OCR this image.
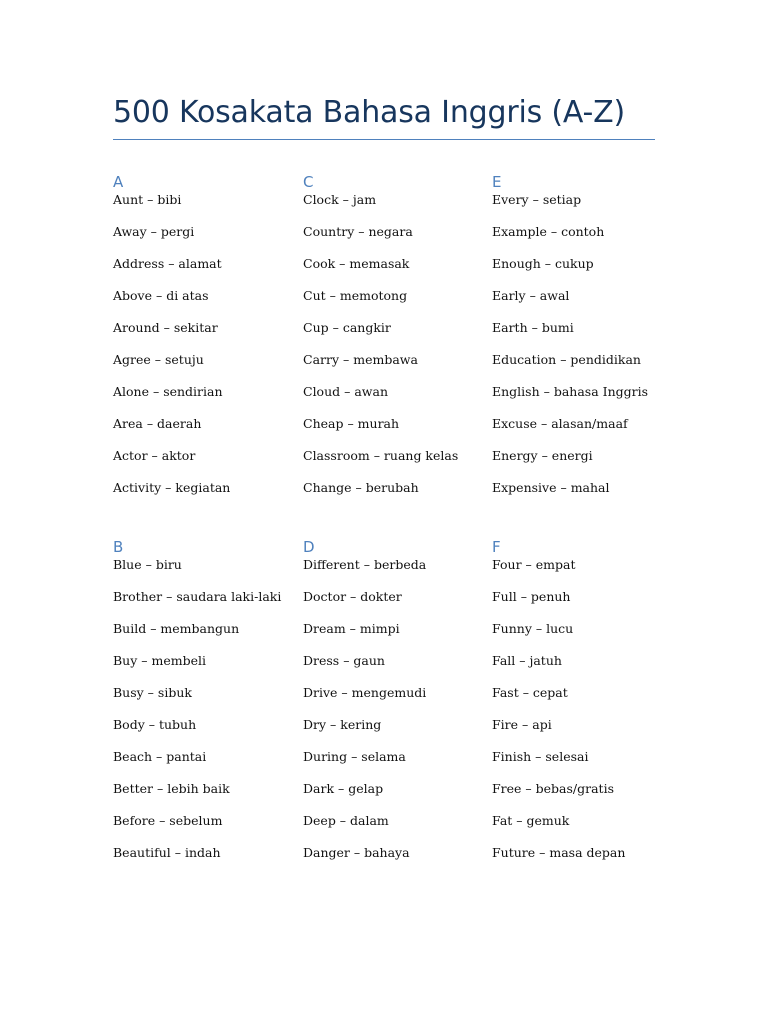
500 Kosakata Bahasa Inggris (A-Z)
A
Aunt – bibi
Away – pergi
Address – alamat
Above – di atas
Around – sekitar
Agree – setuju
Alone – sendirian
Area – daerah
Actor – aktor
Activity – kegiatan
C
Clock – jam
Country – negara
Cook – memasak
Cut – memotong
Cup – cangkir
Carry – membawa
Cloud – awan
Cheap – murah
Classroom – ruang kelas
Change – berubah
E
Every – setiap
Example – contoh
Enough – cukup
Early – awal
Earth – bumi
Education – pendidikan
English – bahasa Inggris
Excuse – alasan/maaf
Energy – energi
Expensive – mahal
B
Blue – biru
Brother – saudara laki-laki
Build – membangun
Buy – membeli
Busy – sibuk
Body – tubuh
Beach – pantai
Better – lebih baik
Before – sebelum
Beautiful – indah
D
Different – berbeda
Doctor – dokter
Dream – mimpi
Dress – gaun
Drive – mengemudi
Dry – kering
During – selama
Dark – gelap
Deep – dalam
Danger – bahaya
F
Four – empat
Full – penuh
Funny – lucu
Fall – jatuh
Fast – cepat
Fire – api
Finish – selesai
Free – bebas/gratis
Fat – gemuk
Future – masa depan
